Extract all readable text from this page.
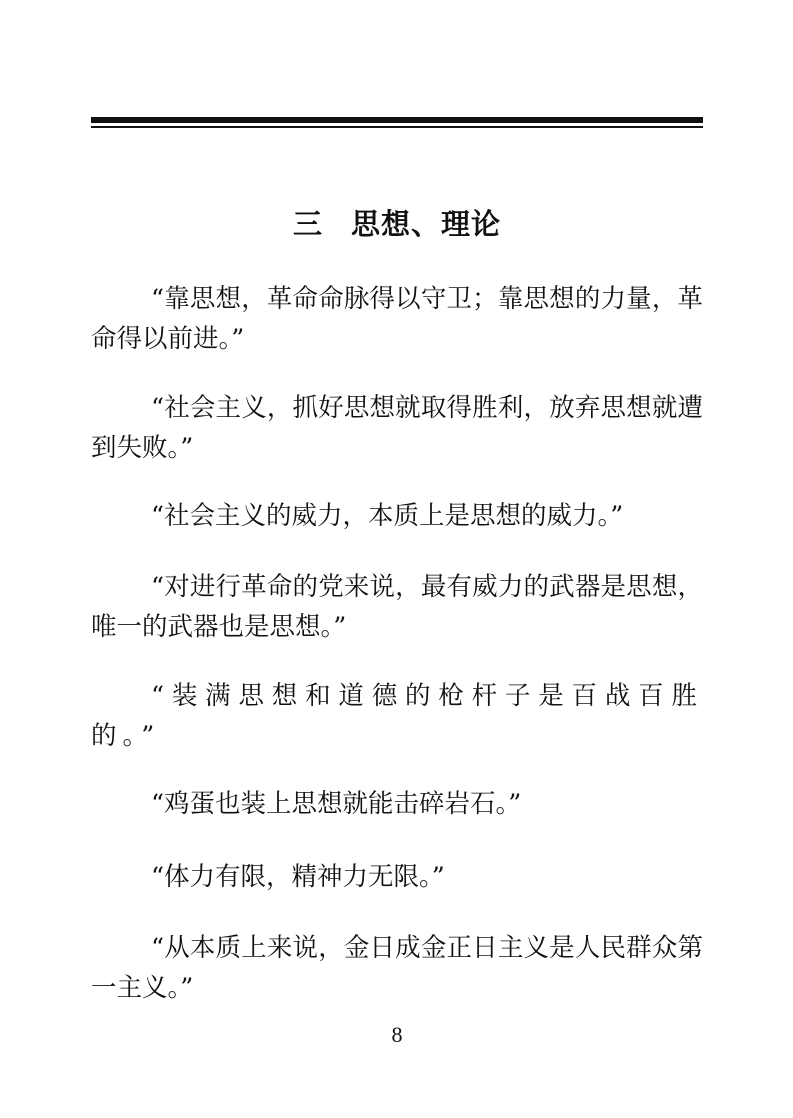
三 思想、理论

“靠思想，革命命脉得以守卫；靠思想的力量，革命得以前进。”

“社会主义，抓好思想就取得胜利，放弃思想就遭到失败。”

“社会主义的威力，本质上是思想的威力。”

“对进行革命的党来说，最有威力的武器是思想，唯一的武器也是思想。”

“装满思想和道德的枪杆子是百战百胜的。”

“鸡蛋也装上思想就能击碎岩石。”

“体力有限，精神力无限。”

“从本质上来说，金日成金正日主义是人民群众第一主义。”

8
